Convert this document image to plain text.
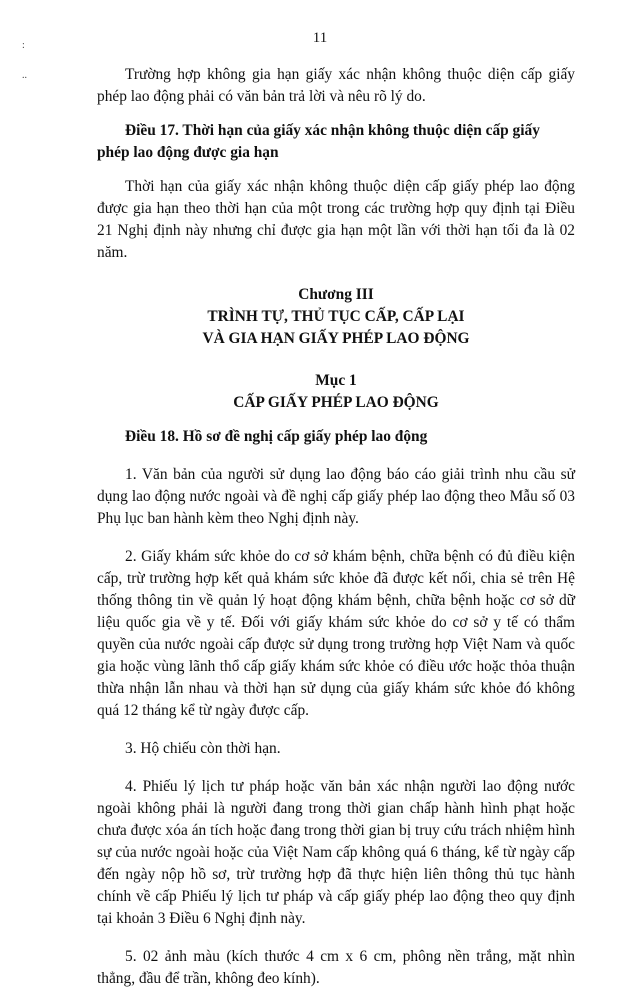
11
:
..	Trường hợp không gia hạn giấy xác nhận không thuộc diện cấp giấy phép lao động phải có văn bản trả lời và nêu rõ lý do.

Điều 17. Thời hạn của giấy xác nhận không thuộc diện cấp giấy phép lao động được gia hạn

Thời hạn của giấy xác nhận không thuộc diện cấp giấy phép lao động được gia hạn theo thời hạn của một trong các trường hợp quy định tại Điều 21 Nghị định này nhưng chỉ được gia hạn một lần với thời hạn tối đa là 02 năm.

Chương III

TRÌNH TỰ, THỦ TỤC CẤP, CẤP LẠI

VÀ GIA HẠN GIẤY PHÉP LAO ĐỘNG

Mục 1

CẤP GIẤY PHÉP LAO ĐỘNG

Điều 18. Hồ sơ đề nghị cấp giấy phép lao động

1. Văn bản của người sử dụng lao động báo cáo giải trình nhu cầu sử dụng lao động nước ngoài và đề nghị cấp giấy phép lao động theo Mẫu số 03 Phụ lục ban hành kèm theo Nghị định này.

2. Giấy khám sức khỏe do cơ sở khám bệnh, chữa bệnh có đủ điều kiện cấp, trừ trường hợp kết quả khám sức khỏe đã được kết nối, chia sẻ trên Hệ thống thông tin về quản lý hoạt động khám bệnh, chữa bệnh hoặc cơ sở dữ liệu quốc gia về y tế. Đối với giấy khám sức khỏe do cơ sở y tế có thẩm quyền của nước ngoài cấp được sử dụng trong trường hợp Việt Nam và quốc gia hoặc vùng lãnh thổ cấp giấy khám sức khỏe có điều ước hoặc thỏa thuận thừa nhận lẫn nhau và thời hạn sử dụng của giấy khám sức khỏe đó không quá 12 tháng kể từ ngày được cấp.

3. Hộ chiếu còn thời hạn.

4. Phiếu lý lịch tư pháp hoặc văn bản xác nhận người lao động nước ngoài không phải là người đang trong thời gian chấp hành hình phạt hoặc chưa được xóa án tích hoặc đang trong thời gian bị truy cứu trách nhiệm hình sự của nước ngoài hoặc của Việt Nam cấp không quá 6 tháng, kể từ ngày cấp đến ngày nộp hồ sơ, trừ trường hợp đã thực hiện liên thông thủ tục hành chính về cấp Phiếu lý lịch tư pháp và cấp giấy phép lao động theo quy định tại khoản 3 Điều 6 Nghị định này.

5. 02 ảnh màu (kích thước 4 cm x 6 cm, phông nền trắng, mặt nhìn thẳng, đầu để trần, không đeo kính).
